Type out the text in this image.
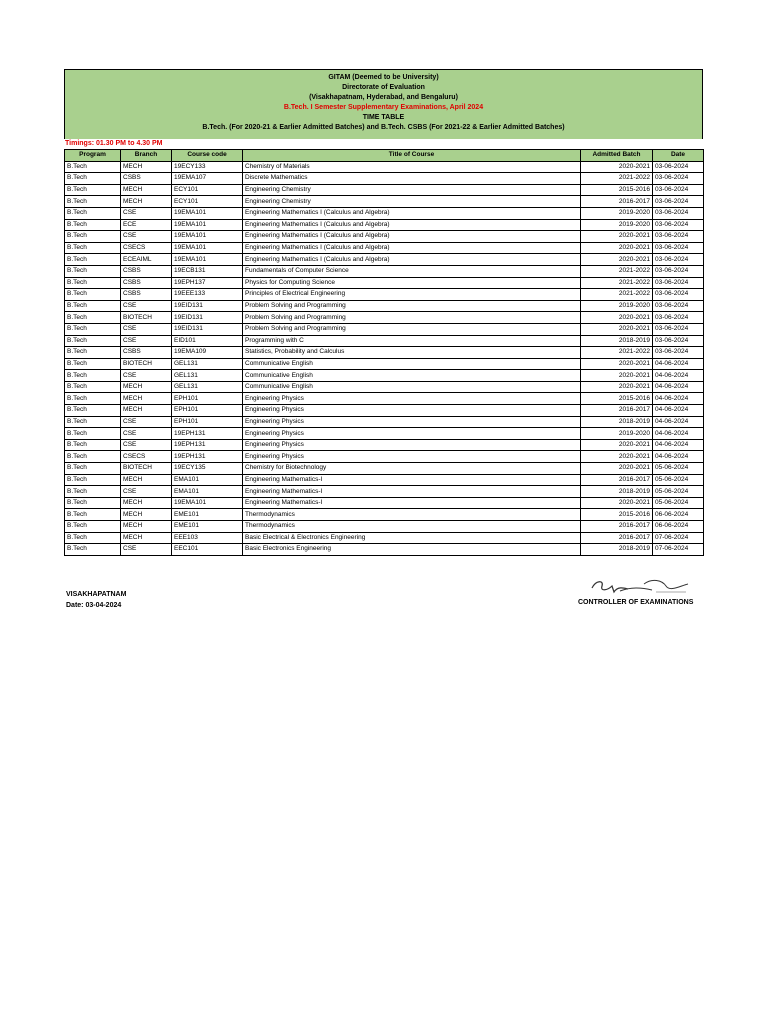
GITAM (Deemed to be University)
Directorate of Evaluation
(Visakhapatnam, Hyderabad, and Bengaluru)
B.Tech. I Semester Supplementary Examinations, April 2024
TIME TABLE
B.Tech. (For 2020-21 & Earlier Admitted Batches) and B.Tech. CSBS (For 2021-22 & Earlier Admitted Batches)
Timings: 01.30 PM to 4.30 PM
Program	Branch	Course code	Title of Course	Admitted Batch	Date
B.Tech	MECH	19ECY133	Chemistry of Materials	2020-2021	03-06-2024
B.Tech	CSBS	19EMA107	Discrete Mathematics	2021-2022	03-06-2024
B.Tech	MECH	ECY101	Engineering Chemistry	2015-2016	03-06-2024
B.Tech	MECH	ECY101	Engineering Chemistry	2016-2017	03-06-2024
B.Tech	CSE	19EMA101	Engineering Mathematics I (Calculus and Algebra)	2019-2020	03-06-2024
B.Tech	ECE	19EMA101	Engineering Mathematics I (Calculus and Algebra)	2019-2020	03-06-2024
B.Tech	CSE	19EMA101	Engineering Mathematics I (Calculus and Algebra)	2020-2021	03-06-2024
B.Tech	CSECS	19EMA101	Engineering Mathematics I (Calculus and Algebra)	2020-2021	03-06-2024
B.Tech	ECEAIML	19EMA101	Engineering Mathematics I (Calculus and Algebra)	2020-2021	03-06-2024
B.Tech	CSBS	19ECB131	Fundamentals of Computer Science	2021-2022	03-06-2024
B.Tech	CSBS	19EPH137	Physics for Computing Science	2021-2022	03-06-2024
B.Tech	CSBS	19EEE133	Principles of Electrical Engineering	2021-2022	03-06-2024
B.Tech	CSE	19EID131	Problem Solving and Programming	2019-2020	03-06-2024
B.Tech	BIOTECH	19EID131	Problem Solving and Programming	2020-2021	03-06-2024
B.Tech	CSE	19EID131	Problem Solving and Programming	2020-2021	03-06-2024
B.Tech	CSE	EID101	Programming with C	2018-2019	03-06-2024
B.Tech	CSBS	19EMA109	Statistics, Probability and Calculus	2021-2022	03-06-2024
B.Tech	BIOTECH	GEL131	Communicative English	2020-2021	04-06-2024
B.Tech	CSE	GEL131	Communicative English	2020-2021	04-06-2024
B.Tech	MECH	GEL131	Communicative English	2020-2021	04-06-2024
B.Tech	MECH	EPH101	Engineering Physics	2015-2016	04-06-2024
B.Tech	MECH	EPH101	Engineering Physics	2016-2017	04-06-2024
B.Tech	CSE	EPH101	Engineering Physics	2018-2019	04-06-2024
B.Tech	CSE	19EPH131	Engineering Physics	2019-2020	04-06-2024
B.Tech	CSE	19EPH131	Engineering Physics	2020-2021	04-06-2024
B.Tech	CSECS	19EPH131	Engineering Physics	2020-2021	04-06-2024
B.Tech	BIOTECH	19ECY135	Chemistry for Biotechnology	2020-2021	05-06-2024
B.Tech	MECH	EMA101	Engineering Mathematics-I	2016-2017	05-06-2024
B.Tech	CSE	EMA101	Engineering Mathematics-I	2018-2019	05-06-2024
B.Tech	MECH	19EMA101	Engineering Mathematics-I	2020-2021	05-06-2024
B.Tech	MECH	EME101	Thermodynamics	2015-2016	06-06-2024
B.Tech	MECH	EME101	Thermodynamics	2016-2017	06-06-2024
B.Tech	MECH	EEE103	Basic Electrical & Electronics Engineering	2016-2017	07-06-2024
B.Tech	CSE	EEC101	Basic Electronics Engineering	2018-2019	07-06-2024
VISAKHAPATNAM
Date: 03-04-2024	CONTROLLER OF EXAMINATIONS
